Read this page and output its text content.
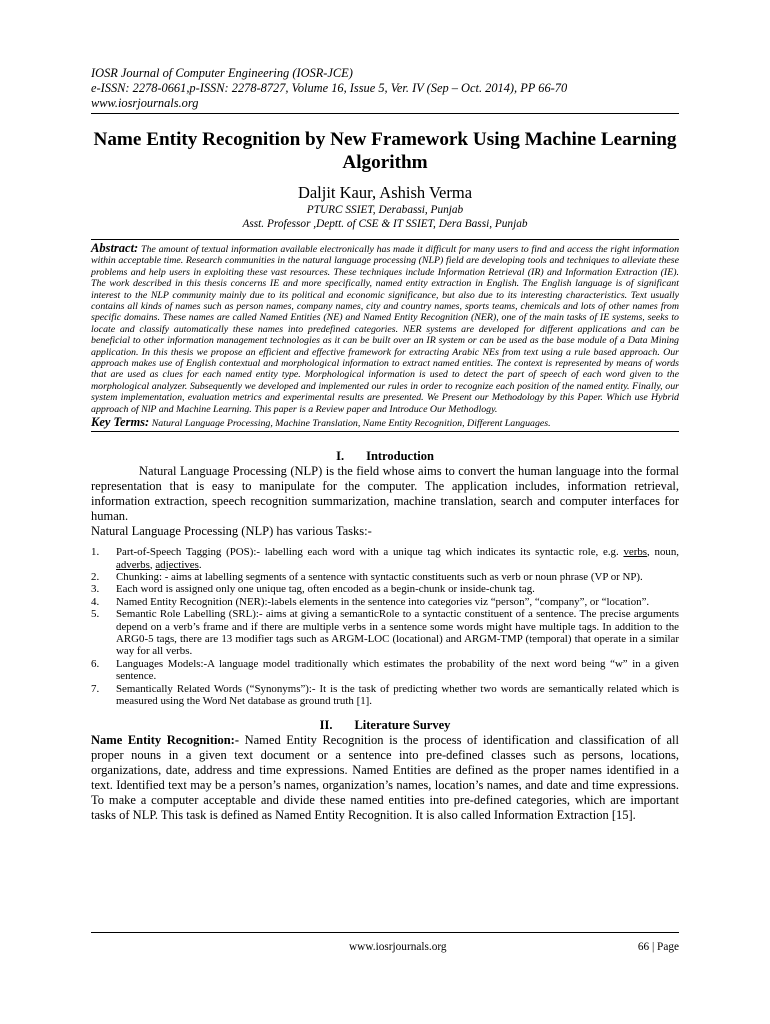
IOSR Journal of Computer Engineering (IOSR-JCE)
e-ISSN: 2278-0661,p-ISSN: 2278-8727, Volume 16, Issue 5, Ver. IV (Sep – Oct. 2014), PP 66-70
www.iosrjournals.org
Name Entity Recognition by New Framework Using Machine Learning Algorithm
Daljit Kaur, Ashish Verma
PTURC SSIET, Derabassi, Punjab
Asst. Professor ,Deptt. of CSE & IT SSIET, Dera Bassi, Punjab
Abstract: The amount of textual information available electronically has made it difficult for many users to find and access the right information within acceptable time. Research communities in the natural language processing (NLP) field are developing tools and techniques to alleviate these problems and help users in exploiting these vast resources. These techniques include Information Retrieval (IR) and Information Extraction (IE). The work described in this thesis concerns IE and more specifically, named entity extraction in English. The English language is of significant interest to the NLP community mainly due to its political and economic significance, but also due to its interesting characteristics. Text usually contains all kinds of names such as person names, company names, city and country names, sports teams, chemicals and lots of other names from specific domains. These names are called Named Entities (NE) and Named Entity Recognition (NER), one of the main tasks of IE systems, seeks to locate and classify automatically these names into predefined categories. NER systems are developed for different applications and can be beneficial to other information management technologies as it can be built over an IR system or can be used as the base module of a Data Mining application. In this thesis we propose an efficient and effective framework for extracting Arabic NEs from text using a rule based approach. Our approach makes use of English contextual and morphological information to extract named entities. The context is represented by means of words that are used as clues for each named entity type. Morphological information is used to detect the part of speech of each word given to the morphological analyzer. Subsequently we developed and implemented our rules in order to recognize each position of the named entity. Finally, our system implementation, evaluation metrics and experimental results are presented. We Present our Methodology by this Paper. Which use Hybrid approach of NlP and Machine Learning. This paper is a Review paper and Introduce Our Methodlogy.
Key Terms: Natural Language Processing, Machine Translation, Name Entity Recognition, Different Languages.
I. Introduction
Natural Language Processing (NLP) is the field whose aims to convert the human language into the formal representation that is easy to manipulate for the computer. The application includes, information retrieval, information extraction, speech recognition summarization, machine translation, search and computer interfaces for human.
Natural Language Processing (NLP) has various Tasks:-
1. Part-of-Speech Tagging (POS):- labelling each word with a unique tag which indicates its syntactic role, e.g. verbs, noun, adverbs, adjectives.
2. Chunking: - aims at labelling segments of a sentence with syntactic constituents such as verb or noun phrase (VP or NP).
3. Each word is assigned only one unique tag, often encoded as a begin-chunk or inside-chunk tag.
4. Named Entity Recognition (NER):-labels elements in the sentence into categories viz “person”, “company”, or “location”.
5. Semantic Role Labelling (SRL):- aims at giving a semanticRole to a syntactic constituent of a sentence. The precise arguments depend on a verb’s frame and if there are multiple verbs in a sentence some words might have multiple tags. In addition to the ARG0-5 tags, there are 13 modifier tags such as ARGM-LOC (locational) and ARGM-TMP (temporal) that operate in a similar way for all verbs.
6. Languages Models:-A language model traditionally which estimates the probability of the next word being “w” in a given sentence.
7. Semantically Related Words (“Synonyms”):- It is the task of predicting whether two words are semantically related which is measured using the Word Net database as ground truth [1].
II. Literature Survey
Name Entity Recognition:- Named Entity Recognition is the process of identification and classification of all proper nouns in a given text document or a sentence into pre-defined classes such as persons, locations, organizations, date, address and time expressions. Named Entities are defined as the proper names identified in a text. Identified text may be a person’s names, organization’s names, location’s names, and date and time expressions. To make a computer acceptable and divide these named entities into pre-defined categories, which are important tasks of NLP. This task is defined as Named Entity Recognition. It is also called Information Extraction [15].
www.iosrjournals.org	66 | Page
